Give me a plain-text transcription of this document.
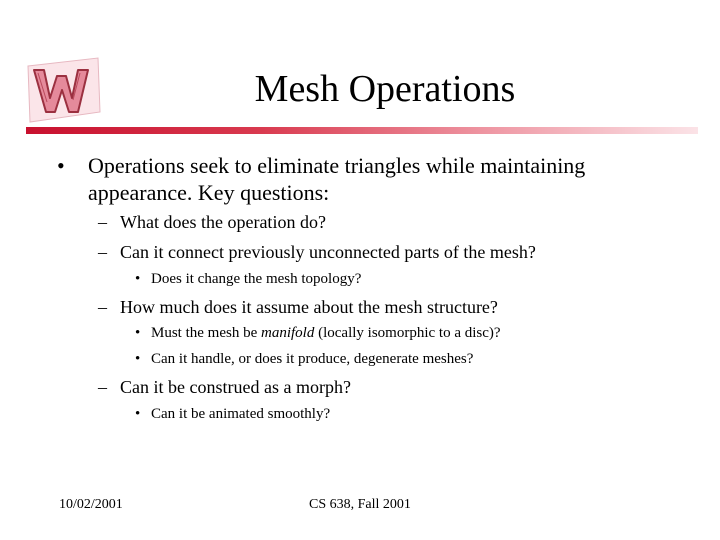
Mesh Operations
• Operations seek to eliminate triangles while maintaining
appearance. Key questions:
– What does the operation do?
– Can it connect previously unconnected parts of the mesh?
• Does it change the mesh topology?
– How much does it assume about the mesh structure?
• Must the mesh be manifold (locally isomorphic to a disc)?
• Can it handle, or does it produce, degenerate meshes?
– Can it be construed as a morph?
• Can it be animated smoothly?
10/02/2001	CS 638, Fall 2001
